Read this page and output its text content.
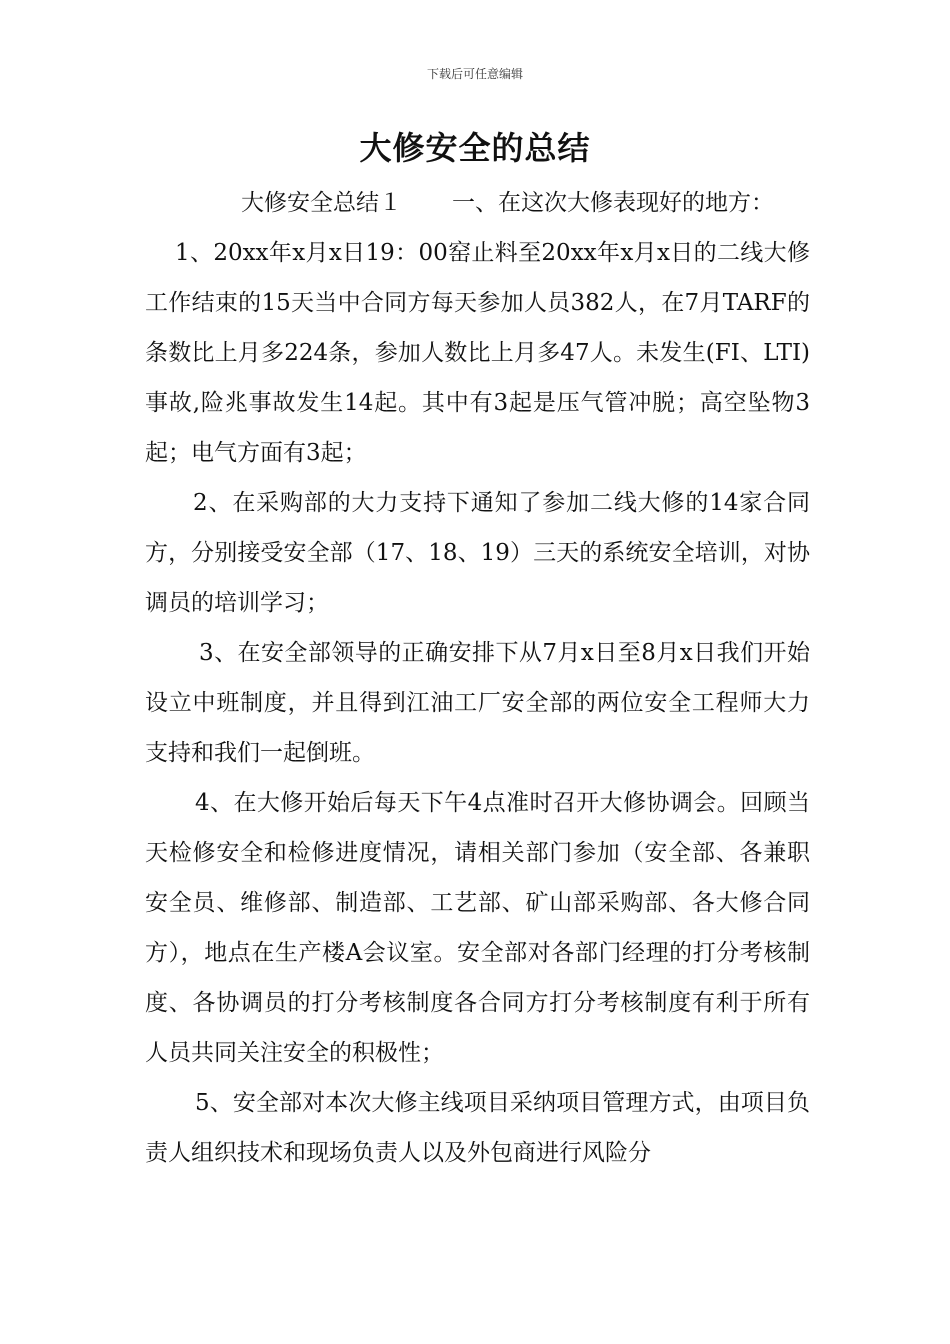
下载后可任意编辑
大修安全的总结

大修安全总结１ 一、在这次大修表现好的地方：

1、20xx年x月x日19：00窑止料至20xx年x月x日的二线大修工作结束的15天当中合同方每天参加人员382人，在7月TARF的条数比上月多224条，参加人数比上月多47人。未发生(FI、LTI)事故,险兆事故发生14起。其中有3起是压气管冲脱；高空坠物3起；电气方面有3起；

2、在采购部的大力支持下通知了参加二线大修的14家合同方，分别接受安全部（17、18、19）三天的系统安全培训，对协调员的培训学习；

3、在安全部领导的正确安排下从7月x日至8月x日我们开始设立中班制度，并且得到江油工厂安全部的两位安全工程师大力支持和我们一起倒班。

4、在大修开始后每天下午4点准时召开大修协调会。回顾当天检修安全和检修进度情况，请相关部门参加（安全部、各兼职安全员、维修部、制造部、工艺部、矿山部采购部、各大修合同方），地点在生产楼A会议室。安全部对各部门经理的打分考核制度、各协调员的打分考核制度各合同方打分考核制度有利于所有人员共同关注安全的积极性；

5、安全部对本次大修主线项目采纳项目管理方式，由项目负责人组织技术和现场负责人以及外包商进行风险分
